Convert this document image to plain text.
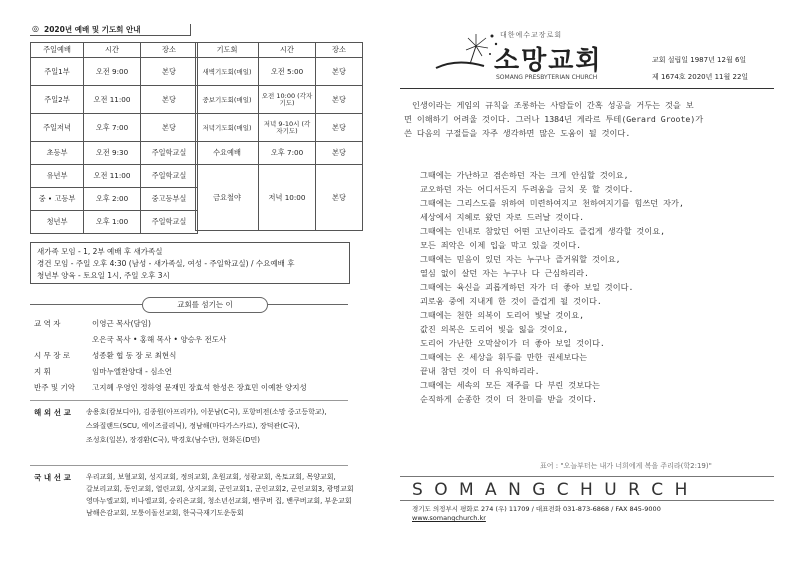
◎ 2020년 예배 및 기도회 안내
주일예배	시간	장소
주일1부	오전 9:00	본당
주일2부	오전 11:00	본당
주일저녁	오후 7:00	본당
초등부	오전 9:30	주일학교실
유년부	오전 11:00	주일학교실
중 • 고등부	오후 2:00	중고등부실
청년부	오후 1:00	주일학교실
기도회	시간	장소
새벽기도회(매일)	오전 5:00	본당
중보기도회(매일)	오전 10:00 (각자기도)	본당
저녁기도회(매일)	저녁 9-10시 (각자기도)	본당
수요예배	오후 7:00	본당
금요철야	저녁 10:00	본당
새가족 모임 - 1, 2부 예배 후 새가족실
경건 모임 - 주일 오후 4:30 (남성 - 새가족실, 여성 - 주일학교실) / 수요예배 후
청년부 양육 - 토요일 1시, 주일 오후 3시
교회를 섬기는 이
교 역 자	이영근 목사(담임)
오은국 목사 • 홍해 목사 • 양승우 전도사
시 무 장 로	성종환 협 동 장 로 최현식
지 휘	임마누엘찬양대 - 심소연
반주 및 기악 고지혜 우영인 정하영 문재민 장효석 한성은 장효민 이예찬 양지성
해 외 선 교 송용호(캄보디아), 김종원(아프리카), 이문남(C국), 포항비전(소망 중고등학교),
스와질랜드(SCU, 에이즈클리닉), 정남해(마다가스카르), 장덕관(C국),
조성호(일본), 장경환(C국), 박경호(남수단), 현화돈(D민)
국 내 선 교 우리교회, 보혈교회, 성지교회, 정의교회, 초원교회, 성광교회, 옥토교회, 목양교회,
갈보리교회, 동인교회, 열린교회, 상지교회, 군인교회1, 군인교회2, 군인교회3, 광명교회
영마누엘교회, 비나엘교회, 승리은교회, 청소년선교회, 밴쿠버 집, 밴쿠버교회, 부운교회
남해은감교회, 모퉁이돌선교회, 한국극재기도운동회
대한예수교장로회
소망교회
SOMANG PRESBYTERIAN CHURCH
교회 설립일 1987년 12월 6일
제 1674호 2020년 11월 22일

인생이라는 게임의 규칙을 조롱하는 사람들이 간혹 성공을 거두는 것을 보

면 이해하기 어려울 것이다. 그러나 1384년 게라르 투테(Gerard Groote)가

쓴 다음의 구절들을 자주 생각하면 많은 도움이 될 것이다.

그때에는 가난하고 겸손하던 자는 크게 안심할 것이요,

교오하던 자는 어디서든지 두려움을 금치 못 할 것이다.

그때에는 그리스도를 위하여 미련하여지고 천하여지기를 힘쓰던 자가,

세상에서 지혜로 왔던 자로 드러날 것이다.

그때에는 인내로 참았던 어떤 고난이라도 즐겁게 생각할 것이요,

모든 죄악은 이제 입을 막고 있을 것이다.

그때에는 믿음이 있던 자는 누구나 즐거워할 것이요,

열심 없이 살던 자는 누구나 다 근심하리라.

그때에는 육신을 괴롭게하던 자가 더 좋아 보일 것이다.

괴로움 중에 지내게 한 것이 즐겁게 될 것이다.

그때에는 천한 의복이 도리어 빛날 것이요,

값진 의복은 도리어 빛을 잃을 것이요,

도리어 가난한 오막살이가 더 좋아 보일 것이다.

그때에는 온 세상을 휘두를 만한 권세보다는

끝내 참던 것이 더 유익하리라.

그때에는 세속의 모든 재주를 다 부린 것보다는

순직하게 순종한 것이 더 찬미를 받을 것이다.

표어 : "오늘부터는 내가 너희에게 복을 주리라(학2:19)"
S O M A N G C H U R C H
경기도 의정부시 평화로 274 (우) 11709 / 대표전화 031-873-6868 / FAX 845-9000
www.somangchurch.kr
